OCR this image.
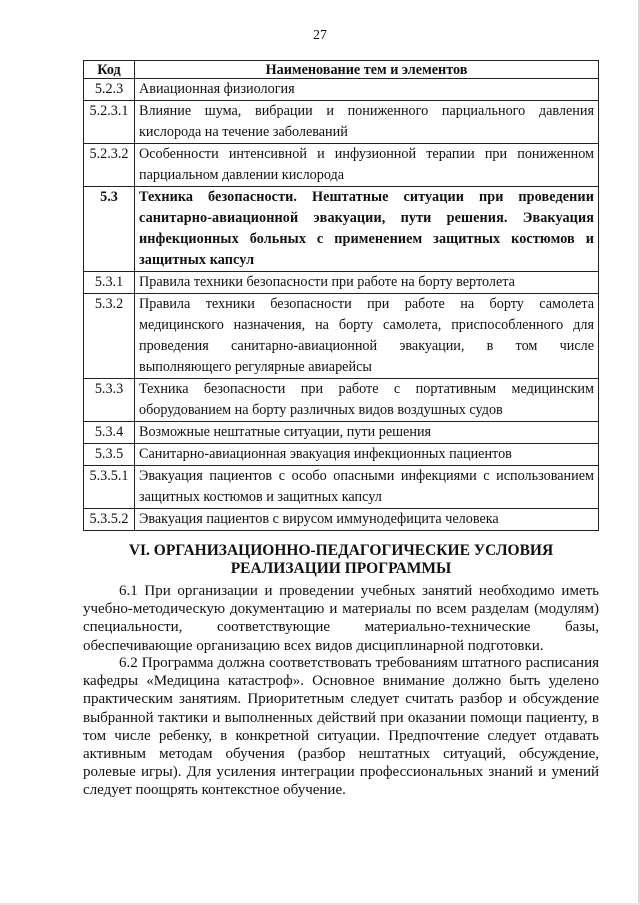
27
Код	Наименование тем и элементов
5.2.3	Авиационная физиология
5.2.3.1	Влияние шума, вибрации и пониженного парциального давления кислорода на течение заболеваний
5.2.3.2	Особенности интенсивной и инфузионной терапии при пониженном парциальном давлении кислорода
5.3	Техника безопасности. Нештатные ситуации при проведении санитарно-авиационной эвакуации, пути решения. Эвакуация инфекционных больных с применением защитных костюмов и защитных капсул
5.3.1	Правила техники безопасности при работе на борту вертолета
5.3.2	Правила техники безопасности при работе на борту самолета медицинского назначения, на борту самолета, приспособленного для проведения санитарно-авиационной эвакуации, в том числе выполняющего регулярные авиарейсы
5.3.3	Техника безопасности при работе с портативным медицинским оборудованием на борту различных видов воздушных судов
5.3.4	Возможные нештатные ситуации, пути решения
5.3.5	Санитарно-авиационная эвакуация инфекционных пациентов
5.3.5.1	Эвакуация пациентов с особо опасными инфекциями с использованием защитных костюмов и защитных капсул
5.3.5.2	Эвакуация пациентов с вирусом иммунодефицита человека
VI. ОРГАНИЗАЦИОННО-ПЕДАГОГИЧЕСКИЕ УСЛОВИЯ
РЕАЛИЗАЦИИ ПРОГРАММЫ

6.1 При организации и проведении учебных занятий необходимо иметь учебно-методическую документацию и материалы по всем разделам (модулям) специальности, соответствующие материально-технические базы, обеспечивающие организацию всех видов дисциплинарной подготовки.

6.2 Программа должна соответствовать требованиям штатного расписания кафедры «Медицина катастроф». Основное внимание должно быть уделено практическим занятиям. Приоритетным следует считать разбор и обсуждение выбранной тактики и выполненных действий при оказании помощи пациенту, в том числе ребенку, в конкретной ситуации. Предпочтение следует отдавать активным методам обучения (разбор нештатных ситуаций, обсуждение, ролевые игры). Для усиления интеграции профессиональных знаний и умений следует поощрять контекстное обучение.
